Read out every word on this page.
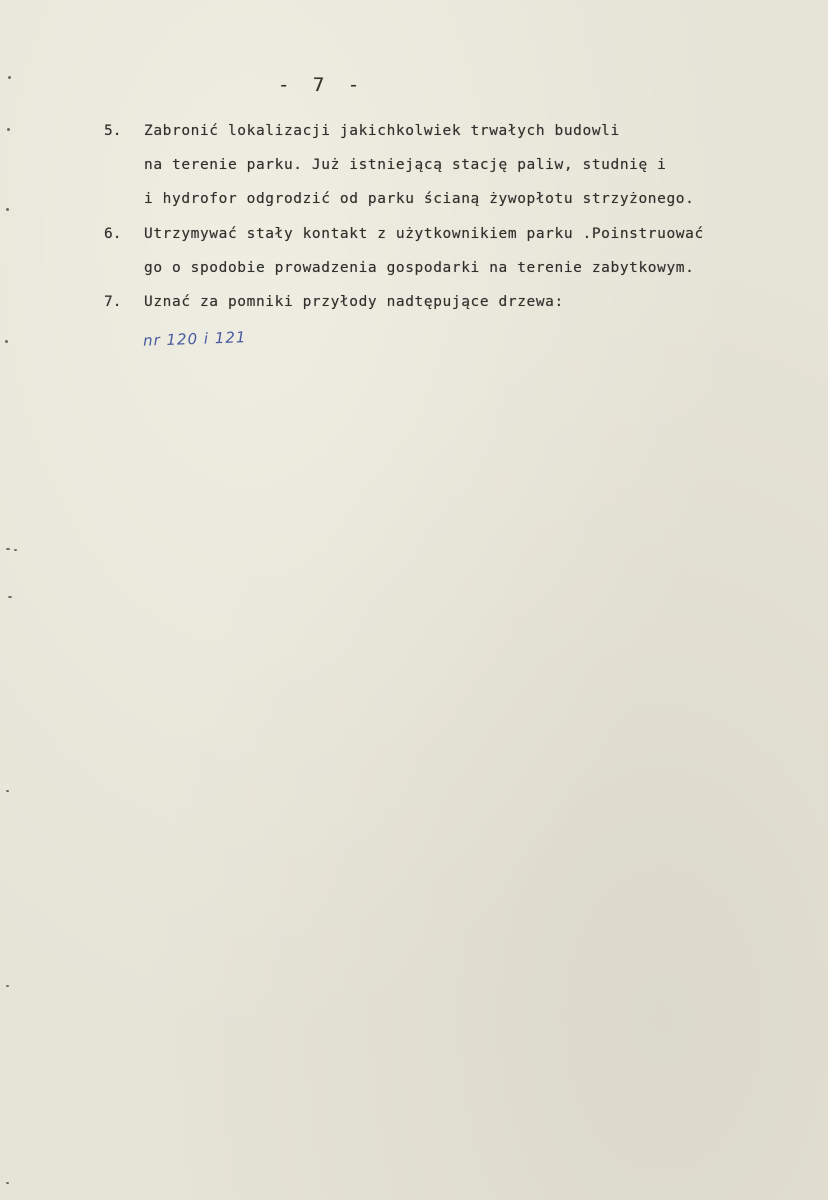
- 7 -
5. Zabronić lokalizacji jakichkolwiek trwałych budowli
na terenie parku. Już istniejącą stację paliw, studnię i
i hydrofor odgrodzić od parku ścianą żywopłotu strzyżonego.
6. Utrzymywać stały kontakt z użytkownikiem parku .Poinstruować
go o spodobie prowadzenia gospodarki na terenie zabytkowym.
7. Uznać za pomniki przyłody nadtępujące drzewa:
nr 120 i 121
